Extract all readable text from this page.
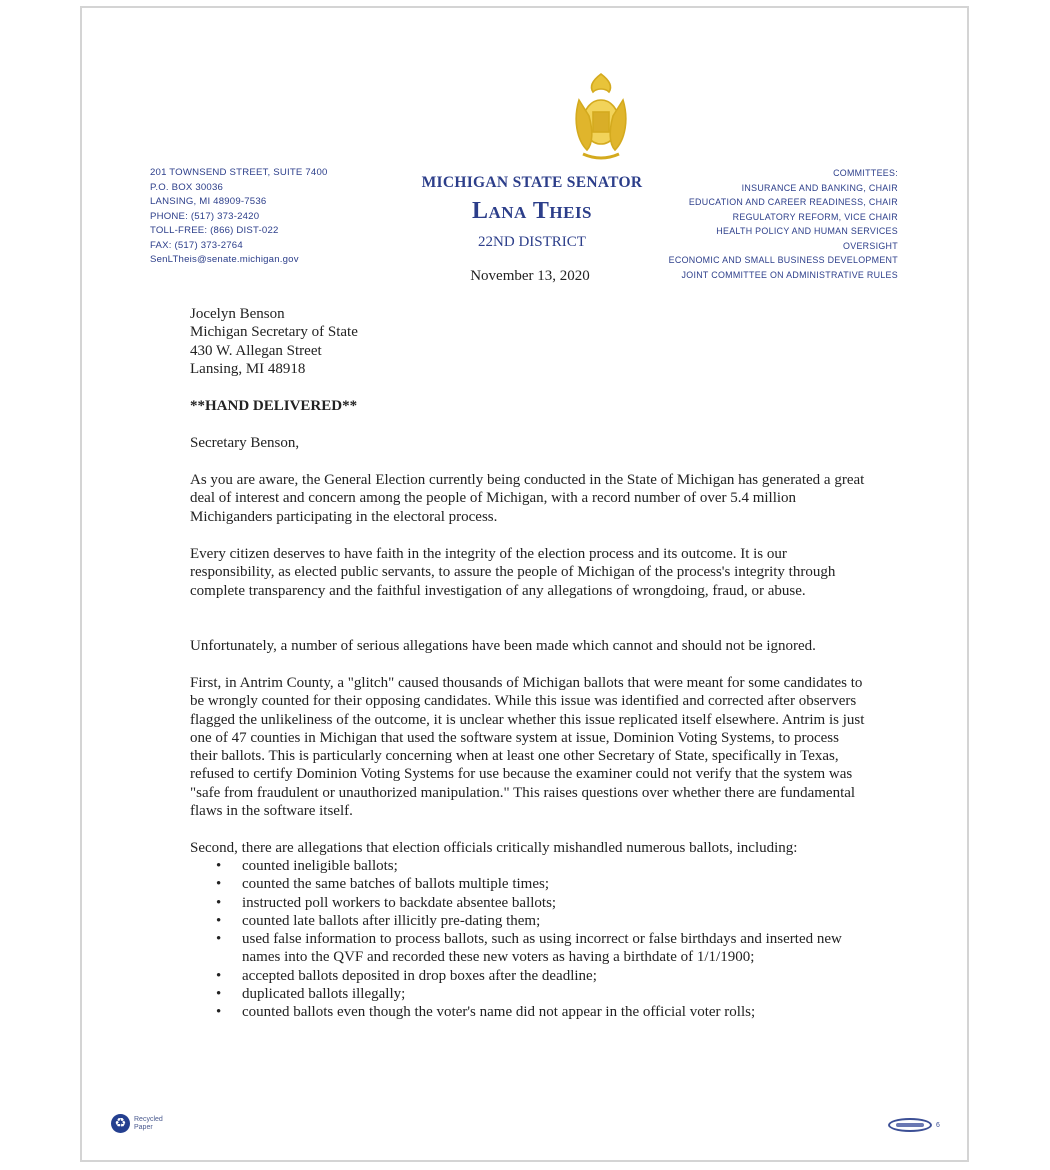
MICHIGAN STATE SENATOR
Lana Theis
22ND DISTRICT
201 TOWNSEND STREET, SUITE 7400
P.O. BOX 30036
LANSING, MI 48909-7536
PHONE: (517) 373-2420
TOLL-FREE: (866) DIST-022
FAX: (517) 373-2764
SenLTheis@senate.michigan.gov
COMMITTEES:
INSURANCE AND BANKING, CHAIR
EDUCATION AND CAREER READINESS, CHAIR
REGULATORY REFORM, VICE CHAIR
HEALTH POLICY AND HUMAN SERVICES
OVERSIGHT
ECONOMIC AND SMALL BUSINESS DEVELOPMENT
JOINT COMMITTEE ON ADMINISTRATIVE RULES
November 13, 2020
Jocelyn Benson
Michigan Secretary of State
430 W. Allegan Street
Lansing, MI 48918
**HAND DELIVERED**
Secretary Benson,

As you are aware, the General Election currently being conducted in the State of Michigan has generated a great deal of interest and concern among the people of Michigan, with a record number of over 5.4 million Michiganders participating in the electoral process.

Every citizen deserves to have faith in the integrity of the election process and its outcome. It is our responsibility, as elected public servants, to assure the people of Michigan of the process's integrity through complete transparency and the faithful investigation of any allegations of wrongdoing, fraud, or abuse.

Unfortunately, a number of serious allegations have been made which cannot and should not be ignored.

First, in Antrim County, a "glitch" caused thousands of Michigan ballots that were meant for some candidates to be wrongly counted for their opposing candidates. While this issue was identified and corrected after observers flagged the unlikeliness of the outcome, it is unclear whether this issue replicated itself elsewhere. Antrim is just one of 47 counties in Michigan that used the software system at issue, Dominion Voting Systems, to process their ballots. This is particularly concerning when at least one other Secretary of State, specifically in Texas, refused to certify Dominion Voting Systems for use because the examiner could not verify that the system was "safe from fraudulent or unauthorized manipulation." This raises questions over whether there are fundamental flaws in the software itself.

Second, there are allegations that election officials critically mishandled numerous ballots, including:

• counted ineligible ballots;
• counted the same batches of ballots multiple times;
• instructed poll workers to backdate absentee ballots;
• counted late ballots after illicitly pre-dating them;
• used false information to process ballots, such as using incorrect or false birthdays and inserted new names into the QVF and recorded these new voters as having a birthdate of 1/1/1900;
• accepted ballots deposited in drop boxes after the deadline;
• duplicated ballots illegally;
• counted ballots even though the voter's name did not appear in the official voter rolls;
♻	Recycled
Paper	6
